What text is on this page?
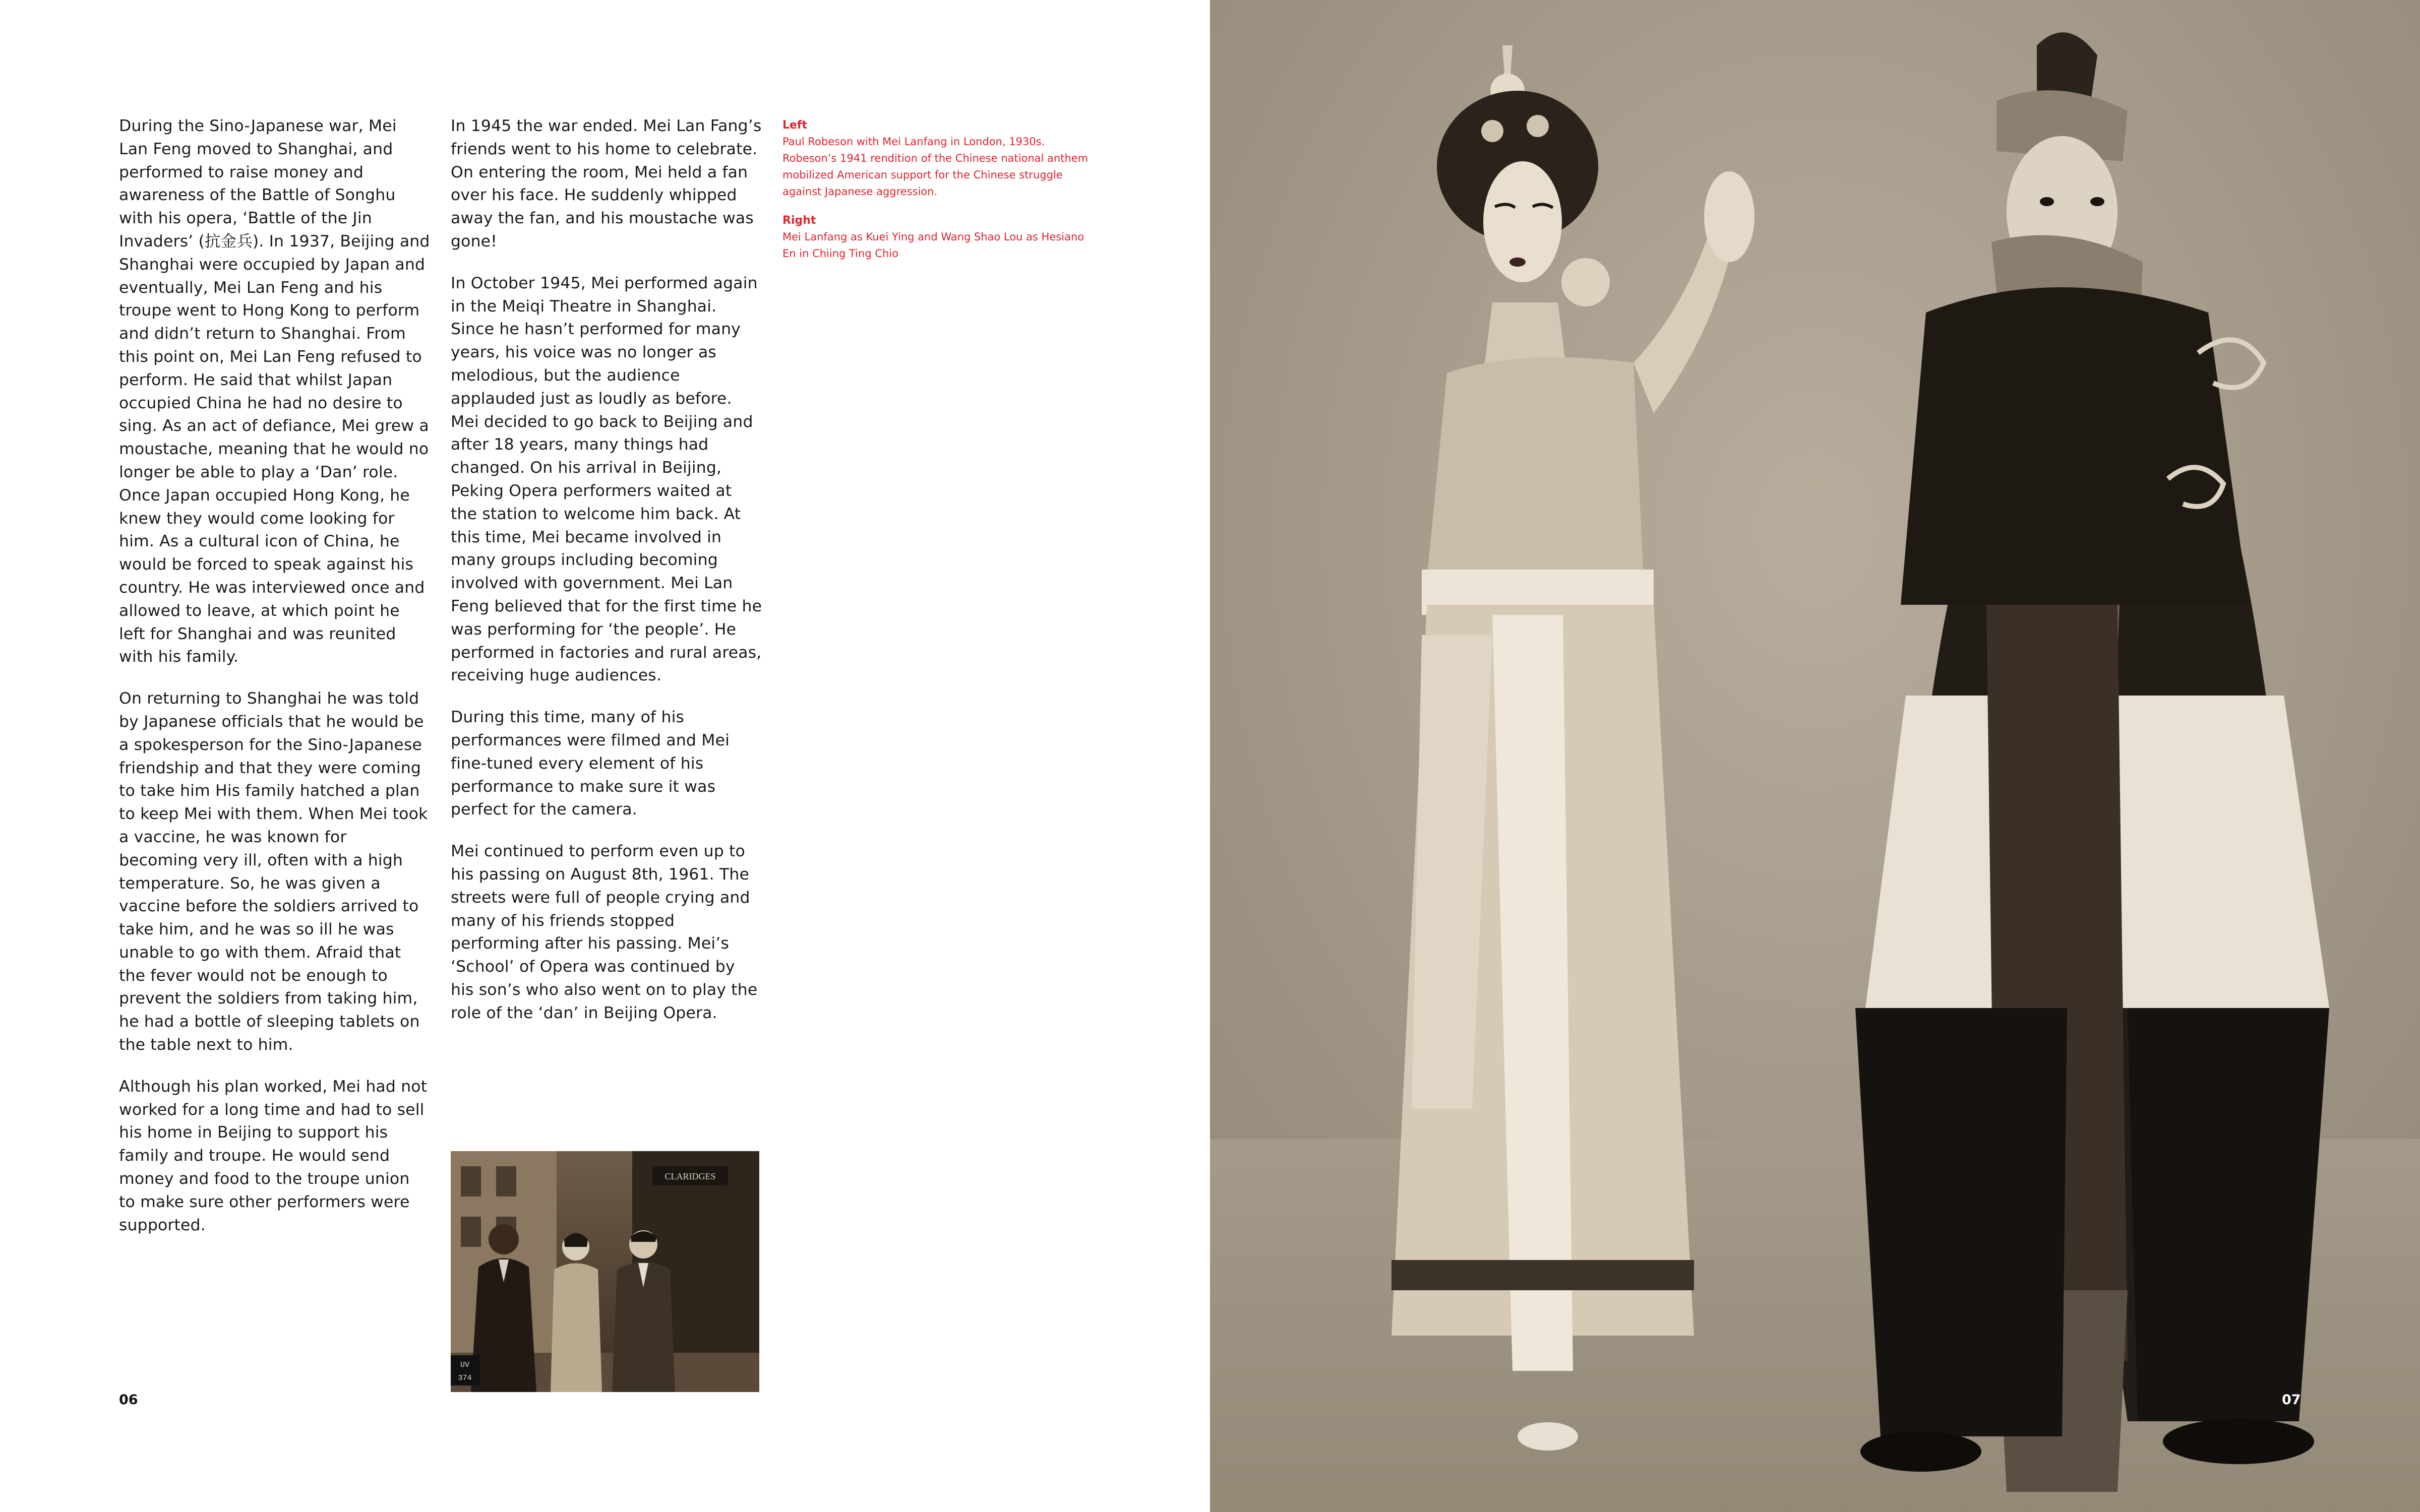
During the Sino-Japanese war, Mei Lan Feng moved to Shanghai, and performed to raise money and awareness of the Battle of Songhu with his opera, ‘Battle of the Jin Invaders’ (抗金兵). In 1937, Beijing and Shanghai were occupied by Japan and eventually, Mei Lan Feng and his troupe went to Hong Kong to perform and didn’t return to Shanghai. From this point on, Mei Lan Feng refused to perform. He said that whilst Japan occupied China he had no desire to sing. As an act of defiance, Mei grew a moustache, meaning that he would no longer be able to play a ‘Dan’ role. Once Japan occupied Hong Kong, he knew they would come looking for him. As a cultural icon of China, he would be forced to speak against his country. He was interviewed once and allowed to leave, at which point he left for Shanghai and was reunited with his family.

On returning to Shanghai he was told by Japanese officials that he would be a spokesperson for the Sino-Japanese friendship and that they were coming to take him His family hatched a plan to keep Mei with them. When Mei took a vaccine, he was known for becoming very ill, often with a high temperature. So, he was given a vaccine before the soldiers arrived to take him, and he was so ill he was unable to go with them. Afraid that the fever would not be enough to prevent the soldiers from taking him, he had a bottle of sleeping tablets on the table next to him.

Although his plan worked, Mei had not worked for a long time and had to sell his home in Beijing to support his family and troupe. He would send money and food to the troupe union to make sure other performers were supported.

In 1945 the war ended. Mei Lan Fang’s friends went to his home to celebrate. On entering the room, Mei held a fan over his face. He suddenly whipped away the fan, and his moustache was gone!

In October 1945, Mei performed again in the Meiqi Theatre in Shanghai. Since he hasn’t performed for many years, his voice was no longer as melodious, but the audience applauded just as loudly as before. Mei decided to go back to Beijing and after 18 years, many things had changed. On his arrival in Beijing, Peking Opera performers waited at the station to welcome him back. At this time, Mei became involved in many groups including becoming involved with government. Mei Lan Feng believed that for the first time he was performing for ‘the people’. He performed in factories and rural areas, receiving huge audiences.

During this time, many of his performances were filmed and Mei fine-tuned every element of his performance to make sure it was perfect for the camera.

Mei continued to perform even up to his passing on August 8th, 1961. The streets were full of people crying and many of his friends stopped performing after his passing. Mei’s ‘School’ of Opera was continued by his son’s who also went on to play the role of the ‘dan’ in Beijing Opera.

Left
Paul Robeson with Mei Lanfang in London, 1930s. Robeson’s 1941 rendition of the Chinese national anthem mobilized American support for the Chinese struggle against Japanese aggression.
Right
Mei Lanfang as Kuei Ying and Wang Shao Lou as Hesiano En in Chiing Ting Chio
CLARIDGES
UV
374
06	07
